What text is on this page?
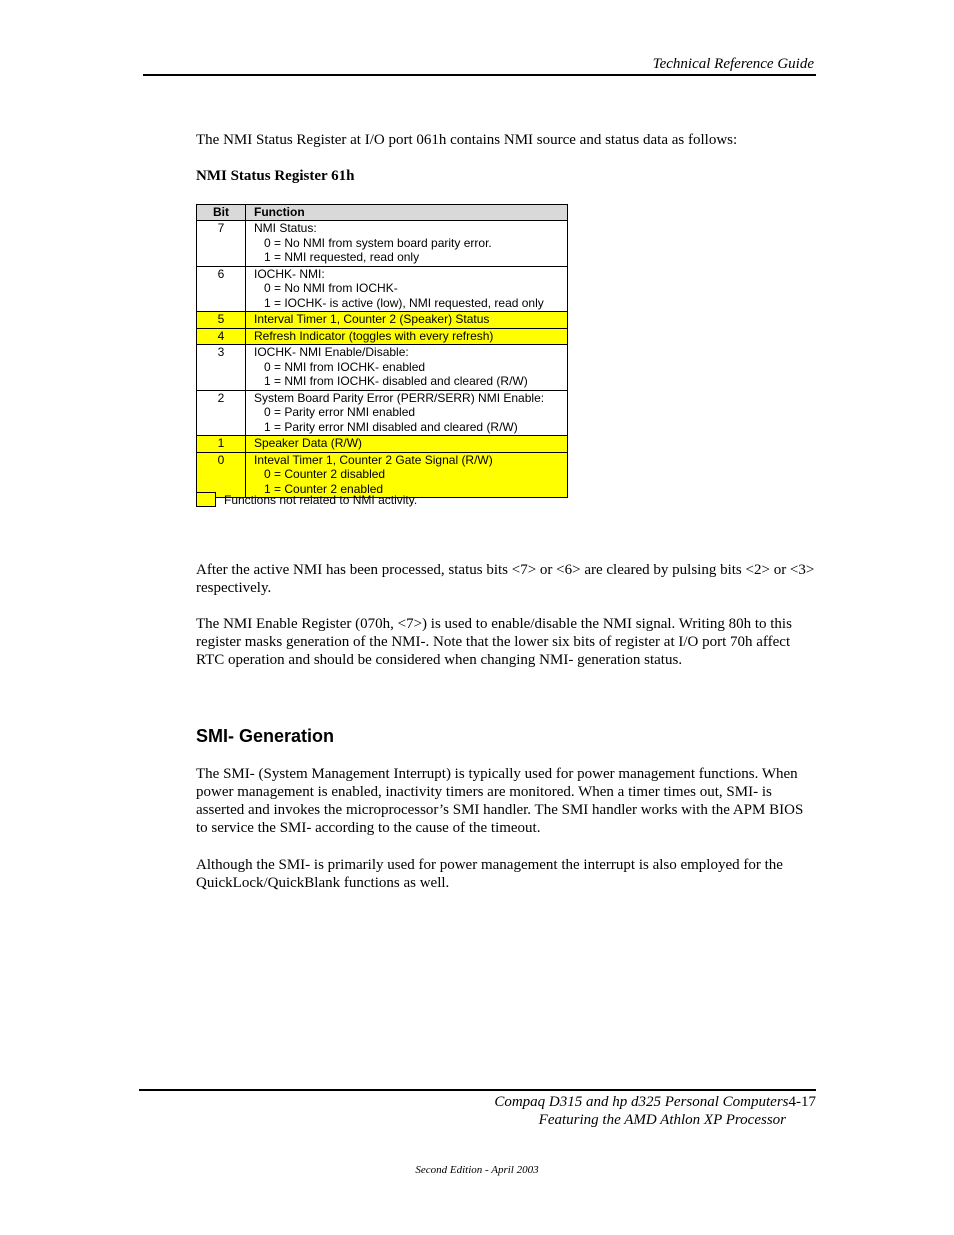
Technical Reference Guide
The NMI Status Register at I/O port 061h contains NMI source and status data as follows:
NMI Status Register 61h
Bit	Function
7	NMI Status:
0 = No NMI from system board parity error.
1 = NMI requested, read only

6	IOCHK- NMI:
0 = No NMI from IOCHK-
1 = IOCHK- is active (low), NMI requested, read only

5	Interval Timer 1, Counter 2 (Speaker) Status

4	Refresh Indicator (toggles with every refresh)

3	IOCHK- NMI Enable/Disable:
0 = NMI from IOCHK- enabled
1 = NMI from IOCHK- disabled and cleared (R/W)

2	System Board Parity Error (PERR/SERR) NMI Enable:
0 = Parity error NMI enabled
1 = Parity error NMI disabled and cleared (R/W)

1	Speaker Data (R/W)

0	Inteval Timer 1, Counter 2 Gate Signal (R/W)
0 = Counter 2 disabled
1 = Counter 2 enabled
Functions not related to NMI activity.
After the active NMI has been processed, status bits <7> or <6> are cleared by pulsing bits <2> or <3> respectively.
The NMI Enable Register (070h, <7>) is used to enable/disable the NMI signal. Writing 80h to this register masks generation of the NMI-. Note that the lower six bits of register at I/O port 70h affect RTC operation and should be considered when changing NMI- generation status.
SMI- Generation
The SMI- (System Management Interrupt) is typically used for power management functions. When power management is enabled, inactivity timers are monitored. When a timer times out, SMI- is asserted and invokes the microprocessor’s SMI handler. The SMI handler works with the APM BIOS to service the SMI- according to the cause of the timeout.
Although the SMI- is primarily used for power management the interrupt is also employed for the QuickLock/QuickBlank functions as well.
Compaq D315 and hp d325 Personal Computers4-17
Featuring the AMD Athlon XP Processor
Second Edition - April 2003
